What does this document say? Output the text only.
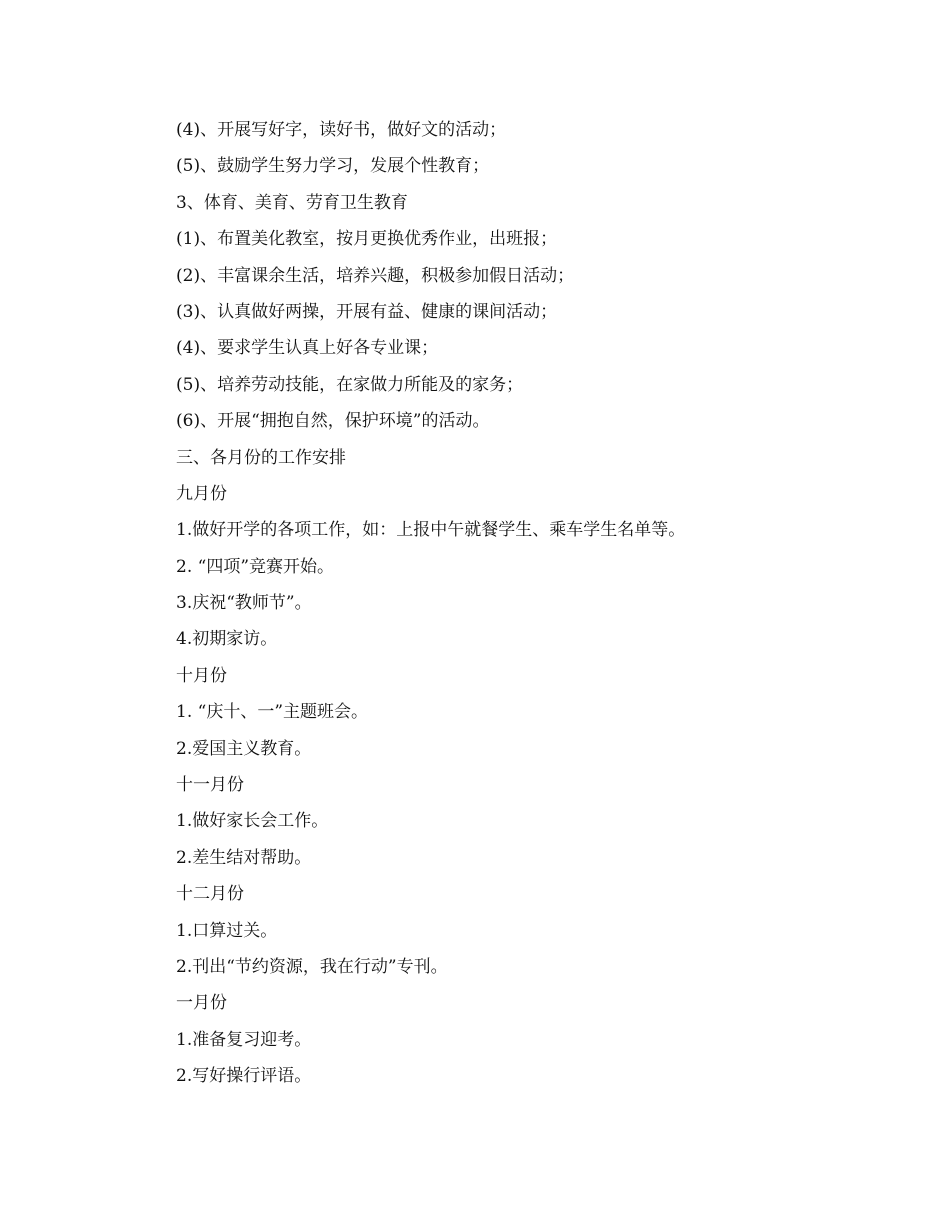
(4)、开展写好字，读好书，做好文的活动；

(5)、鼓励学生努力学习，发展个性教育；

3、体育、美育、劳育卫生教育

(1)、布置美化教室，按月更换优秀作业，出班报；

(2)、丰富课余生活，培养兴趣，积极参加假日活动；

(3)、认真做好两操，开展有益、健康的课间活动；

(4)、要求学生认真上好各专业课；

(5)、培养劳动技能，在家做力所能及的家务；

(6)、开展“拥抱自然，保护环境”的活动。

三、各月份的工作安排

九月份

1.做好开学的各项工作，如：上报中午就餐学生、乘车学生名单等。

2. “四项”竞赛开始。

3.庆祝“教师节”。

4.初期家访。

十月份

1. “庆十、一”主题班会。

2.爱国主义教育。

十一月份

1.做好家长会工作。

2.差生结对帮助。

十二月份

1.口算过关。

2.刊出“节约资源，我在行动”专刊。

一月份

1.准备复习迎考。

2.写好操行评语。
